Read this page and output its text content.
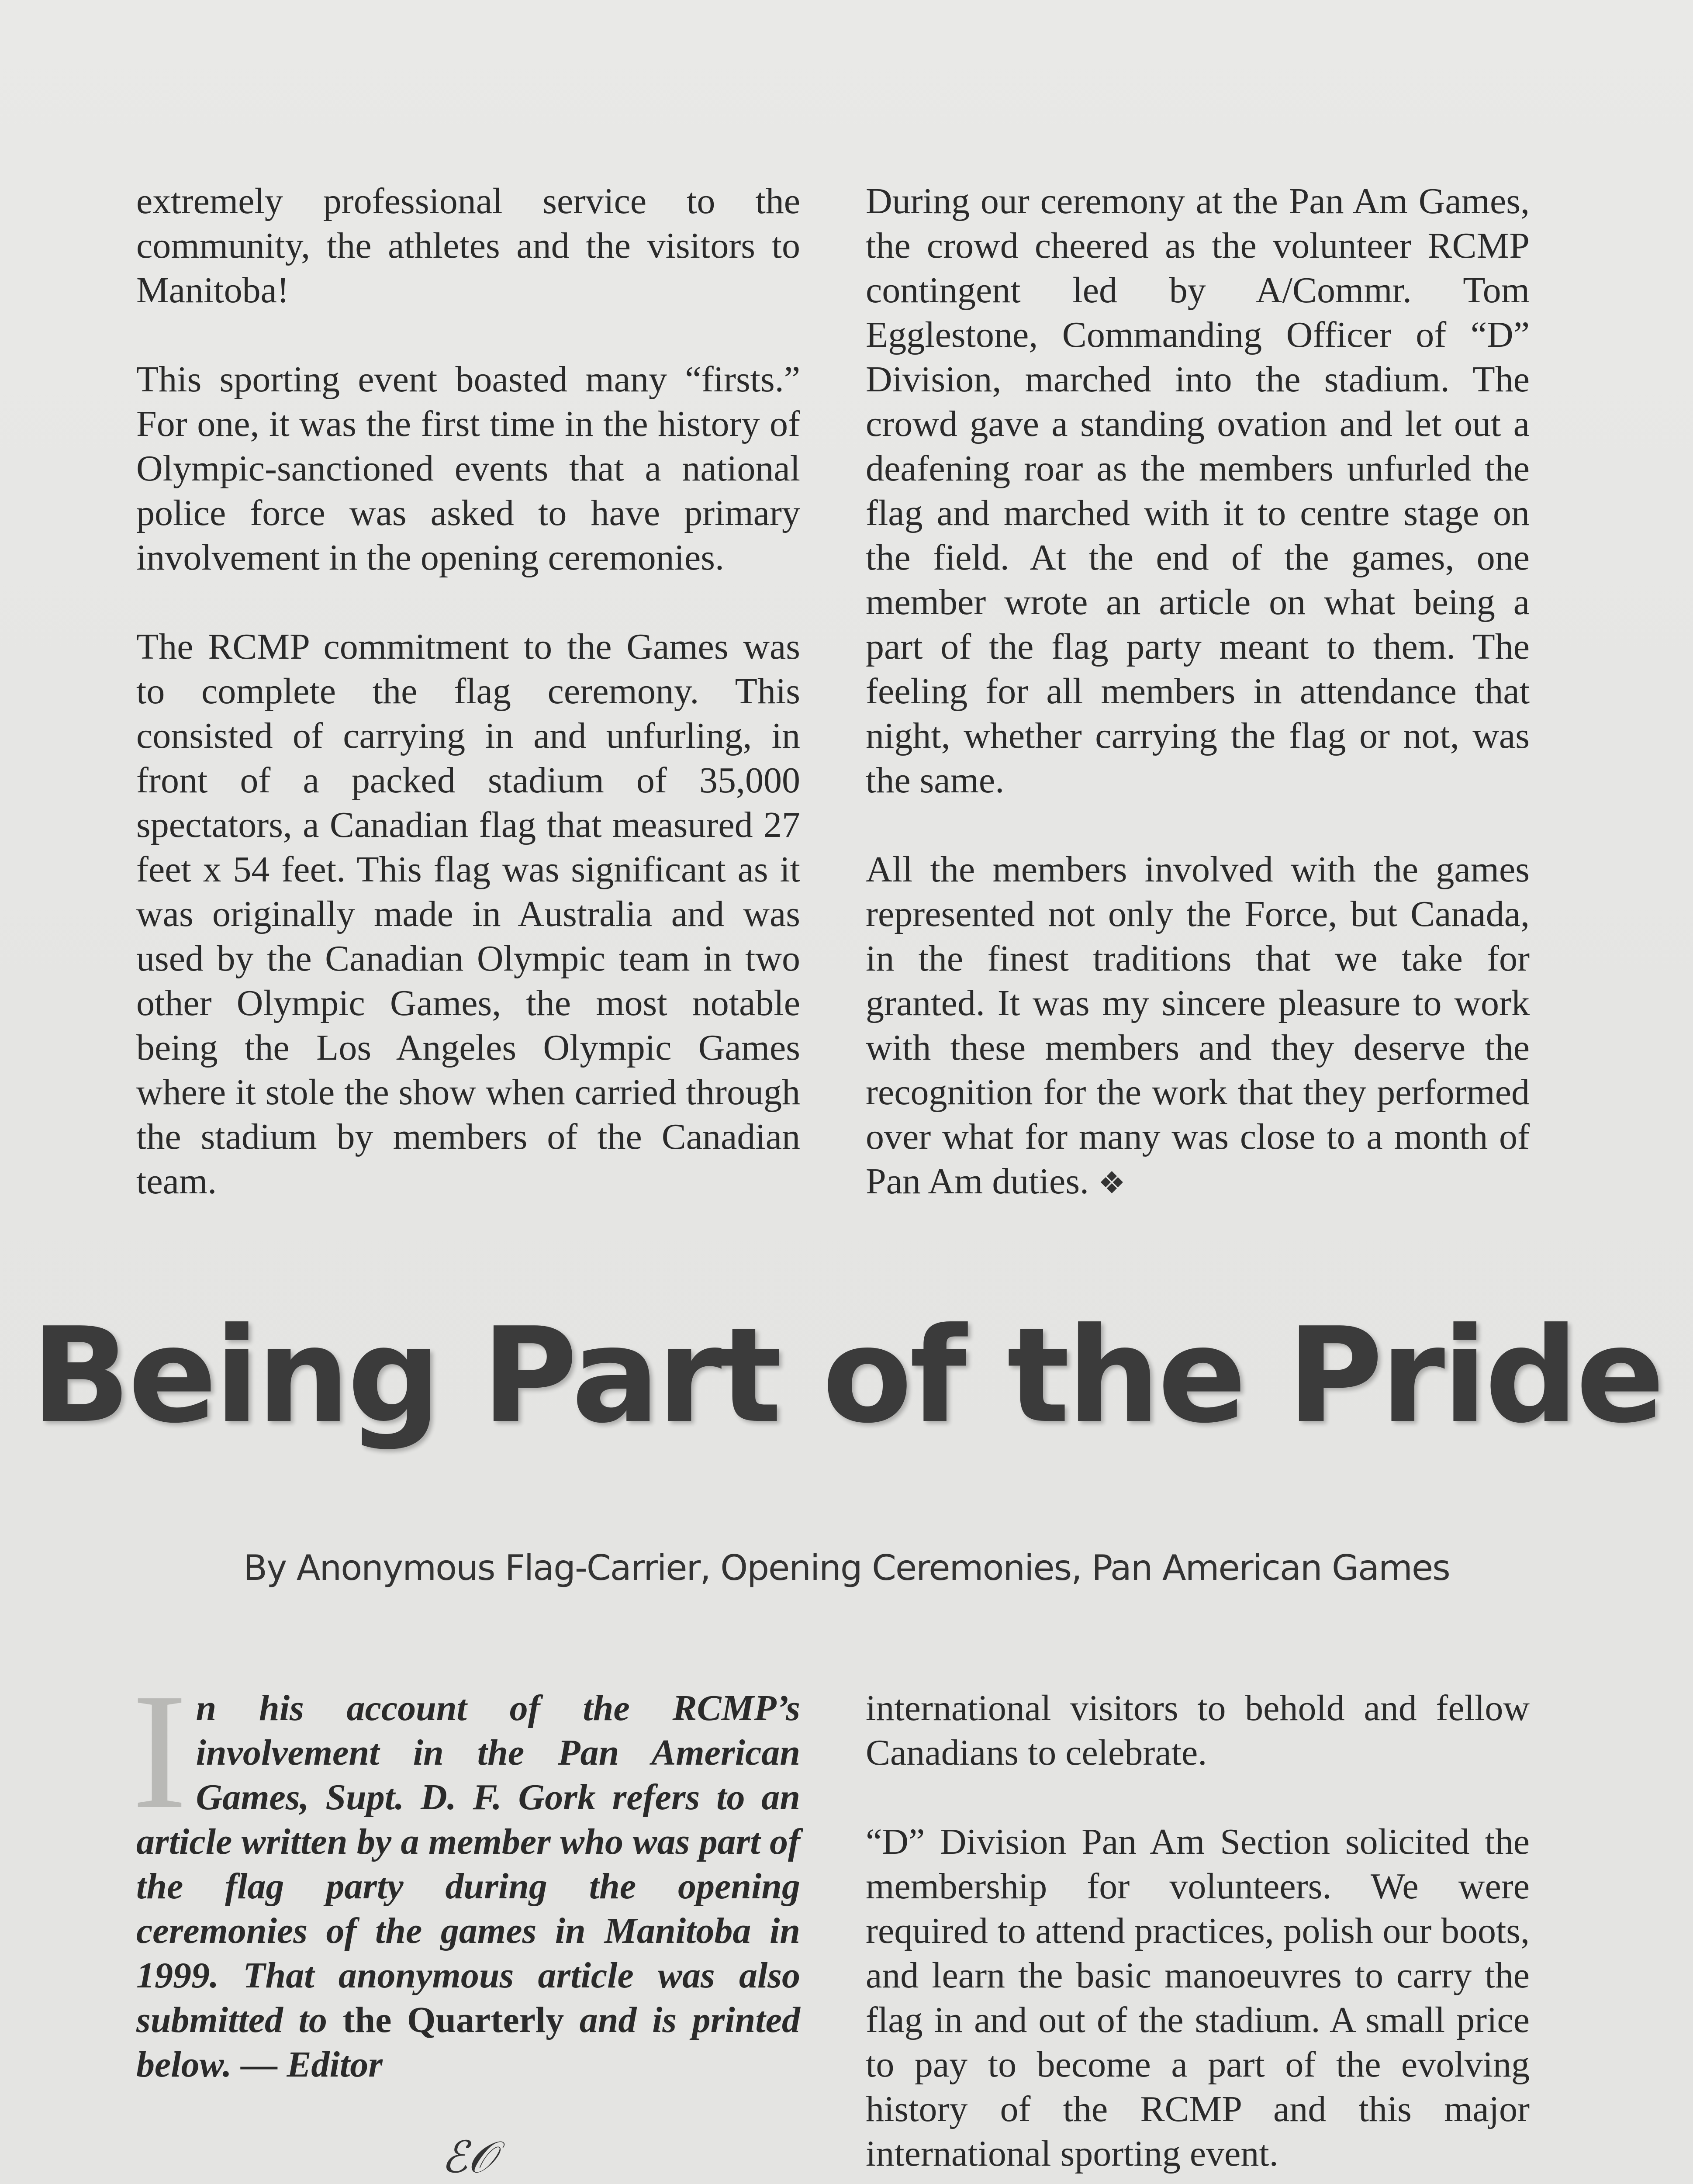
extremely professional service to the community, the athletes and the visitors to Manitoba!

This sporting event boasted many “firsts.” For one, it was the first time in the history of Olympic-sanctioned events that a national police force was asked to have primary involvement in the opening ceremonies.

The RCMP commitment to the Games was to complete the flag ceremony. This consisted of carrying in and unfurling, in front of a packed stadium of 35,000 spectators, a Canadian flag that measured 27 feet x 54 feet. This flag was significant as it was originally made in Australia and was used by the Canadian Olympic team in two other Olympic Games, the most notable being the Los Angeles Olympic Games where it stole the show when carried through the stadium by members of the Canadian team.

During our ceremony at the Pan Am Games, the crowd cheered as the volunteer RCMP contingent led by A/Commr. Tom Egglestone, Commanding Officer of “D” Division, marched into the stadium. The crowd gave a standing ovation and let out a deafening roar as the members unfurled the flag and marched with it to centre stage on the field. At the end of the games, one member wrote an article on what being a part of the flag party meant to them. The feeling for all members in attendance that night, whether carrying the flag or not, was the same.

All the members involved with the games represented not only the Force, but Canada, in the finest traditions that we take for granted. It was my sincere pleasure to work with these members and they deserve the recognition for the work that they performed over what for many was close to a month of Pan Am duties. ❖

Being Part of the Pride
By Anonymous Flag-Carrier, Opening Ceremonies, Pan American Games

In his account of the RCMP’s involvement in the Pan American Games, Supt. D. F. Gork refers to an article written by a member who was part of the flag party during the opening ceremonies of the games in Manitoba in 1999. That anonymous article was also submitted to the Quarterly and is printed below. — Editor

ℰ𝒪

international visitors to behold and fellow Canadians to celebrate.

“D” Division Pan Am Section solicited the membership for volunteers. We were required to attend practices, polish our boots, and learn the basic manoeuvres to carry the flag in and out of the stadium. A small price to pay to become a part of the evolving history of the RCMP and this major international sporting event.
